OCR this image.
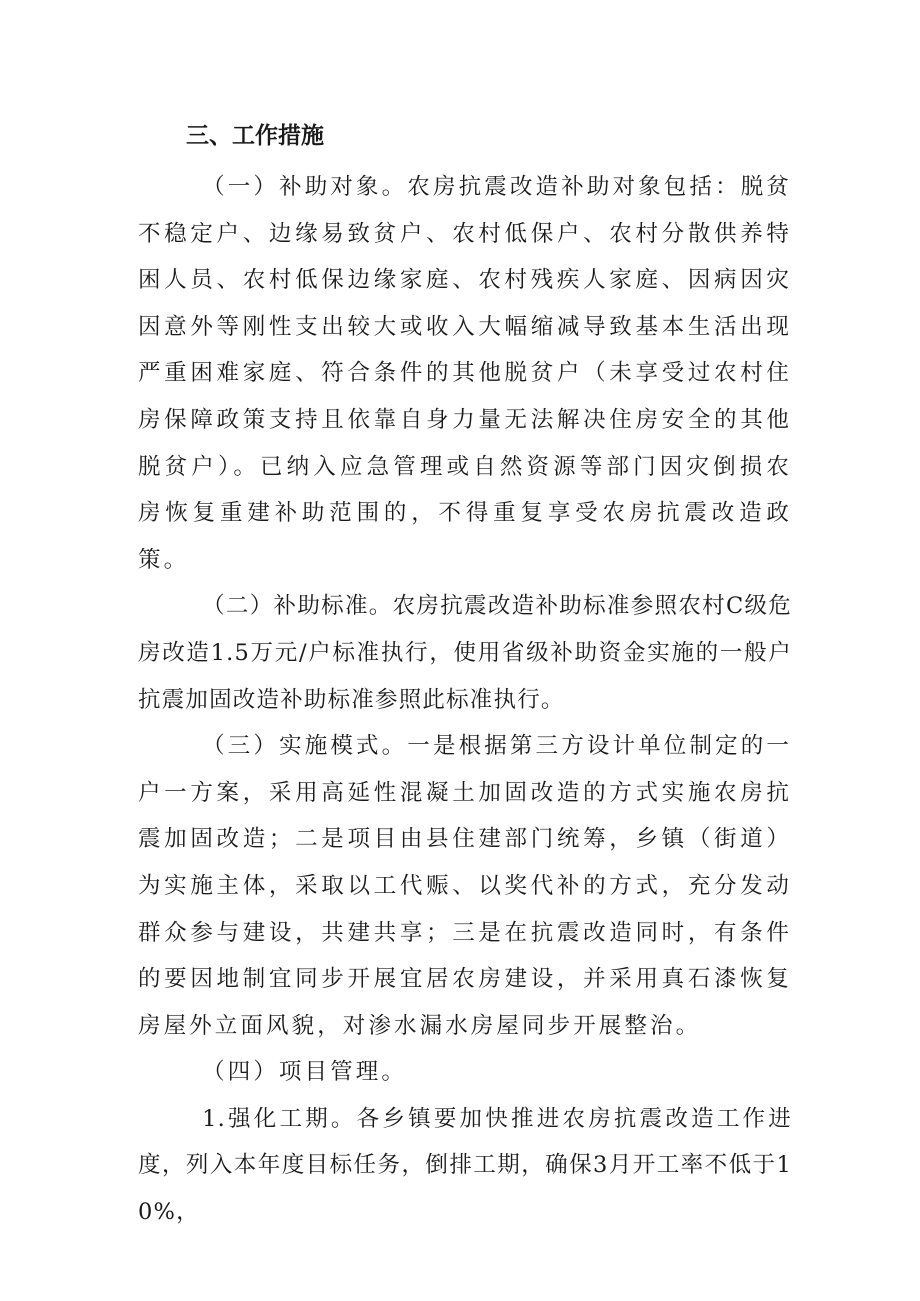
三、工作措施

（一）补助对象。农房抗震改造补助对象包括：脱贫不稳定户、边缘易致贫户、农村低保户、农村分散供养特困人员、农村低保边缘家庭、农村残疾人家庭、因病因灾因意外等刚性支出较大或收入大幅缩减导致基本生活出现严重困难家庭、符合条件的其他脱贫户（未享受过农村住房保障政策支持且依靠自身力量无法解决住房安全的其他脱贫户）。已纳入应急管理或自然资源等部门因灾倒损农房恢复重建补助范围的，不得重复享受农房抗震改造政策。

（二）补助标准。农房抗震改造补助标准参照农村C级危房改造1.5万元/户标准执行，使用省级补助资金实施的一般户抗震加固改造补助标准参照此标准执行。

（三）实施模式。一是根据第三方设计单位制定的一户一方案，采用高延性混凝土加固改造的方式实施农房抗震加固改造；二是项目由县住建部门统筹，乡镇（街道）为实施主体，采取以工代赈、以奖代补的方式，充分发动群众参与建设，共建共享；三是在抗震改造同时，有条件的要因地制宜同步开展宜居农房建设，并采用真石漆恢复房屋外立面风貌，对渗水漏水房屋同步开展整治。

（四）项目管理。

1.强化工期。各乡镇要加快推进农房抗震改造工作进度，列入本年度目标任务，倒排工期，确保3月开工率不低于10%，
